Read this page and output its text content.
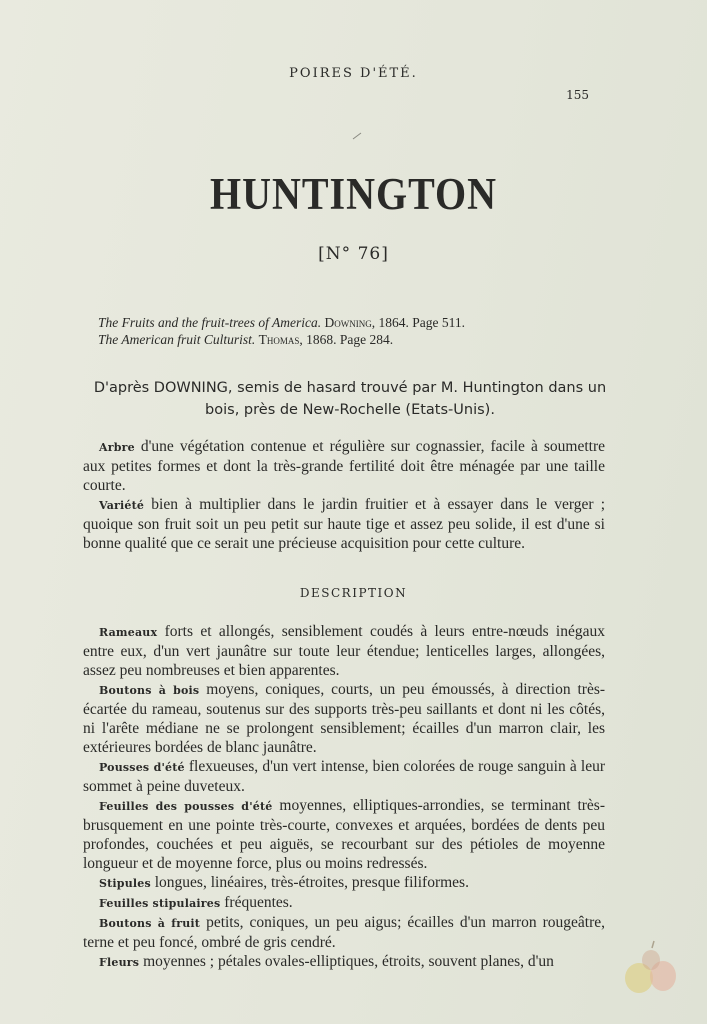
POIRES D'ÉTÉ.
155
HUNTINGTON
[N° 76]
The Fruits and the fruit-trees of America. Downing, 1864. Page 511.
The American fruit Culturist. Thomas, 1868. Page 284.
D'après DOWNING, semis de hasard trouvé par M. Huntington dans un bois, près de New-Rochelle (Etats-Unis).

Arbre d'une végétation contenue et régulière sur cognassier, facile à soumettre aux petites formes et dont la très-grande fertilité doit être ménagée par une taille courte.

Variété bien à multiplier dans le jardin fruitier et à essayer dans le verger ; quoique son fruit soit un peu petit sur haute tige et assez peu solide, il est d'une si bonne qualité que ce serait une précieuse acquisition pour cette culture.

DESCRIPTION

Rameaux forts et allongés, sensiblement coudés à leurs entre-nœuds inégaux entre eux, d'un vert jaunâtre sur toute leur étendue; lenticelles larges, allongées, assez peu nombreuses et bien apparentes.

Boutons à bois moyens, coniques, courts, un peu émoussés, à direction très-écartée du rameau, soutenus sur des supports très-peu saillants et dont ni les côtés, ni l'arête médiane ne se prolongent sensiblement; écailles d'un marron clair, les extérieures bordées de blanc jaunâtre.

Pousses d'été flexueuses, d'un vert intense, bien colorées de rouge sanguin à leur sommet à peine duveteux.

Feuilles des pousses d'été moyennes, elliptiques-arrondies, se terminant très-brusquement en une pointe très-courte, convexes et arquées, bordées de dents peu profondes, couchées et peu aiguës, se recourbant sur des pétioles de moyenne longueur et de moyenne force, plus ou moins redressés.

Stipules longues, linéaires, très-étroites, presque filiformes.

Feuilles stipulaires fréquentes.

Boutons à fruit petits, coniques, un peu aigus; écailles d'un marron rougeâtre, terne et peu foncé, ombré de gris cendré.

Fleurs moyennes ; pétales ovales-elliptiques, étroits, souvent planes, d'un
